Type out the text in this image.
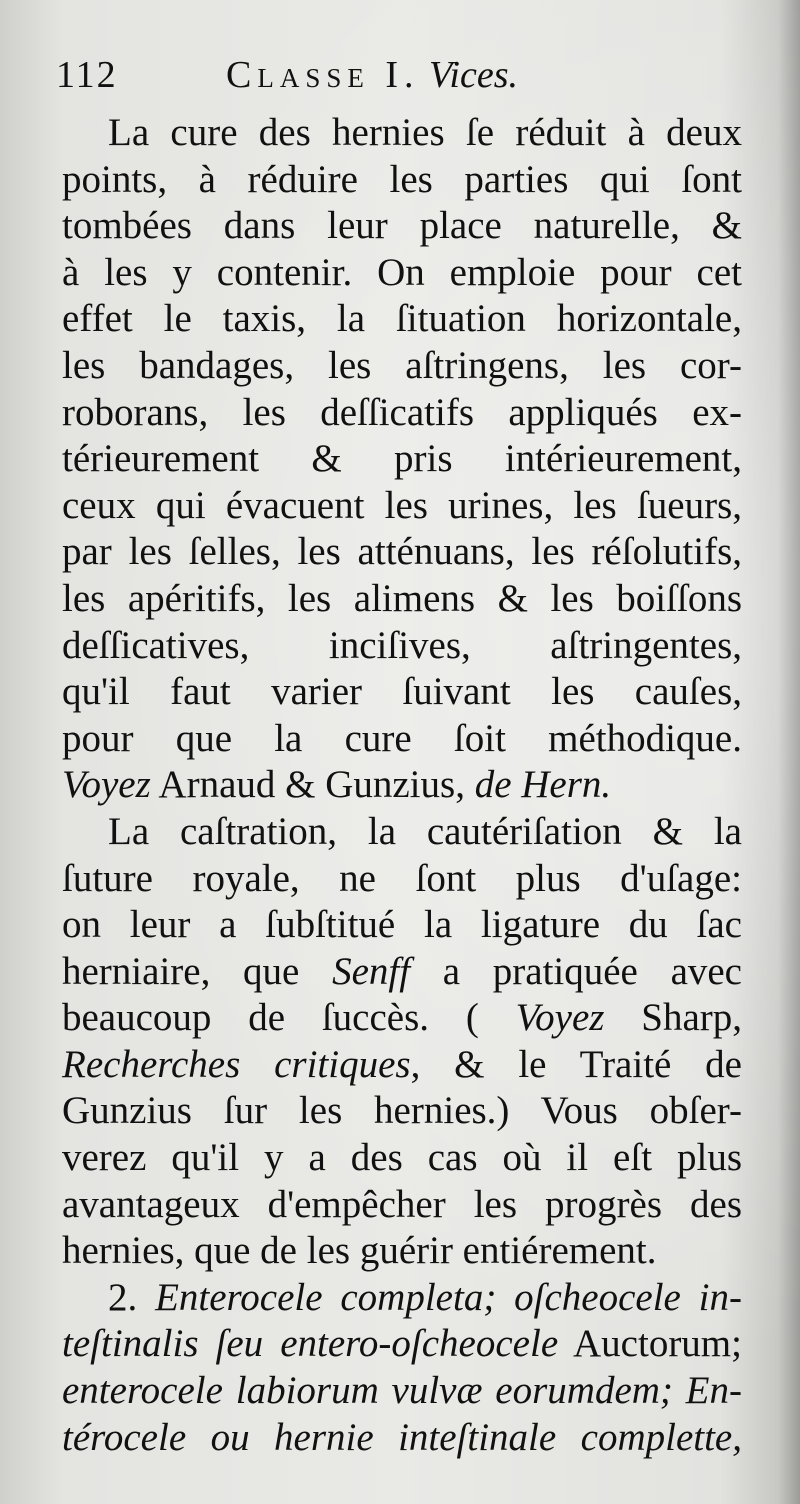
112	Classe I. Vices.
La cure des hernies ſe réduit à deux
points, à réduire les parties qui ſont
tombées dans leur place naturelle, &
à les y contenir. On emploie pour cet
effet le taxis, la ſituation horizontale,
les bandages, les aſtringens, les cor-
roborans, les deſſicatifs appliqués ex-
térieurement & pris intérieurement,
ceux qui évacuent les urines, les ſueurs,
par les ſelles, les atténuans, les réſolutifs,
les apéritifs, les alimens & les boiſſons
deſſicatives, inciſives, aſtringentes,
qu'il faut varier ſuivant les cauſes,
pour que la cure ſoit méthodique.
Voyez Arnaud & Gunzius, de Hern.
La caſtration, la cautériſation & la
ſuture royale, ne ſont plus d'uſage:
on leur a ſubſtitué la ligature du ſac
herniaire, que Senff a pratiquée avec
beaucoup de ſuccès. ( Voyez Sharp,
Recherches critiques, & le Traité de
Gunzius ſur les hernies.) Vous obſer-
verez qu'il y a des cas où il eſt plus
avantageux d'empêcher les progrès des
hernies, que de les guérir entiérement.
2. Enterocele completa; oſcheocele in-
teſtinalis ſeu entero-oſcheocele Auctorum;
enterocele labiorum vulvæ eorumdem; En-
térocele ou hernie inteſtinale complette,
